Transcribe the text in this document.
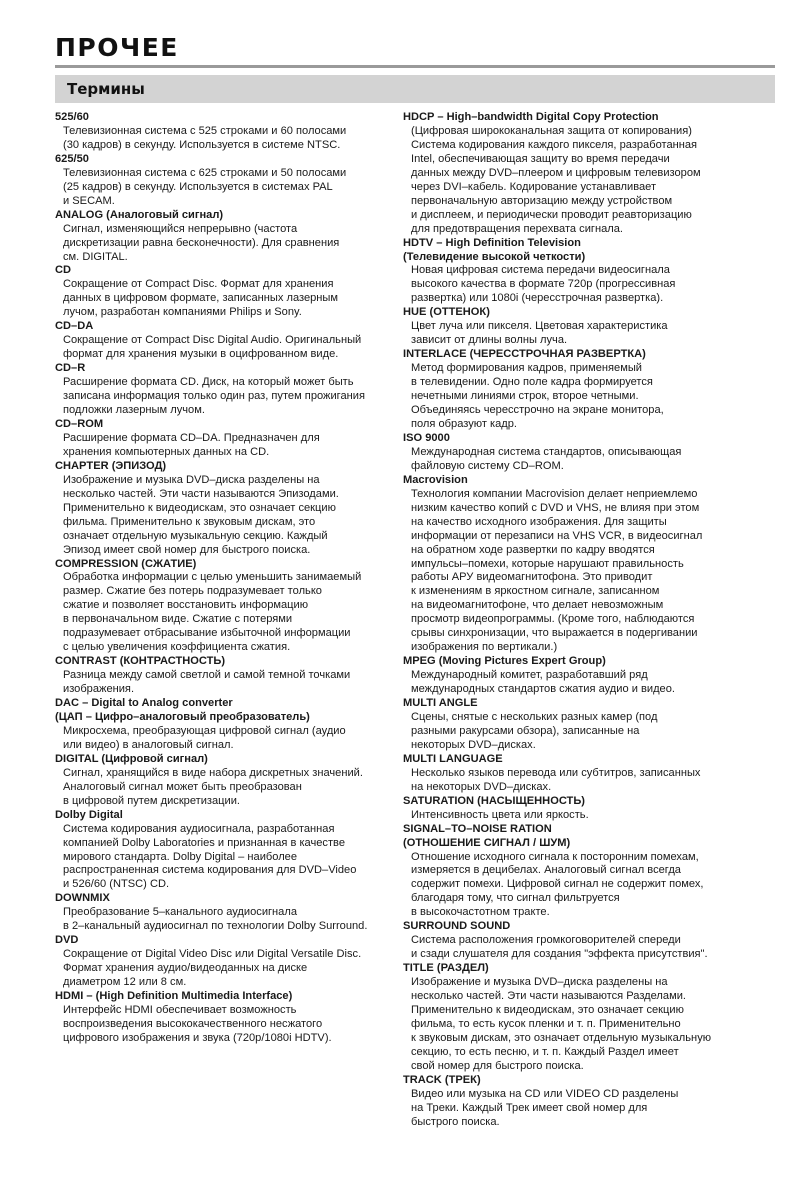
ПРОЧЕЕ
Термины

525/60

Телевизионная система с 525 строками и 60 полосами

(30 кадров) в секунду. Используется в системе NTSC.

625/50

Телевизионная система с 625 строками и 50 полосами

(25 кадров) в секунду. Используется в системах PAL

и SECAM.

ANALOG (Аналоговый сигнал)

Сигнал, изменяющийся непрерывно (частота

дискретизации равна бесконечности). Для сравнения

см. DIGITAL.

CD

Сокращение от Compact Disc. Формат для хранения

данных в цифровом формате, записанных лазерным

лучом, разработан компаниями Philips и Sony.

CD–DA

Сокращение от Compact Disc Digital Audio. Оригинальный

формат для хранения музыки в оцифрованном виде.

CD–R

Расширение формата CD. Диск, на который может быть

записана информация только один раз, путем прожигания

подложки лазерным лучом.

CD–ROM

Расширение формата CD–DA. Предназначен для

хранения компьютерных данных на CD.

CHAPTER (ЭПИЗОД)

Изображение и музыка DVD–диска разделены на

несколько частей. Эти части называются Эпизодами.

Применительно к видеодискам, это означает секцию

фильма. Применительно к звуковым дискам, это

означает отдельную музыкальную секцию. Каждый

Эпизод имеет свой номер для быстрого поиска.

COMPRESSION (СЖАТИЕ)

Обработка информации с целью уменьшить занимаемый

размер. Сжатие без потерь подразумевает только

сжатие и позволяет восстановить информацию

в первоначальном виде. Сжатие с потерями

подразумевает отбрасывание избыточной информации

с целью увеличения коэффициента сжатия.

CONTRAST (КОНТРАСТНОСТЬ)

Разница между самой светлой и самой темной точками

изображения.

DAC – Digital to Analog converter
(ЦАП – Цифро–аналоговый преобразователь)

Микросхема, преобразующая цифровой сигнал (аудио

или видео) в аналоговый сигнал.

DIGITAL (Цифровой сигнал)

Сигнал, хранящийся в виде набора дискретных значений.

Аналоговый сигнал может быть преобразован

в цифровой путем дискретизации.

Dolby Digital

Система кодирования аудиосигнала, разработанная

компанией Dolby Laboratories и признанная в качестве

мирового стандарта. Dolby Digital – наиболее

распространенная система кодирования для DVD–Video

и 526/60 (NTSC) CD.

DOWNMIX

Преобразование 5–канального аудиосигнала

в 2–канальный аудиосигнал по технологии Dolby Surround.

DVD

Сокращение от Digital Video Disc или Digital Versatile Disc.

Формат хранения аудио/видеоданных на диске

диаметром 12 или 8 см.

HDMI – (High Definition Multimedia Interface)

Интерфейс HDMI обеспечивает возможность

воспроизведения высококачественного несжатого

цифрового изображения и звука (720p/1080i HDTV).

HDCP – High–bandwidth Digital Copy Protection

(Цифровая ширококанальная защита от копирования)

Система кодирования каждого пикселя, разработанная

Intel, обеспечивающая защиту во время передачи

данных между DVD–плеером и цифровым телевизором

через DVI–кабель. Кодирование устанавливает

первоначальную авторизацию между устройством

и дисплеем, и периодически проводит реавторизацию

для предотвращения перехвата сигнала.

HDTV – High Definition Television
(Телевидение высокой четкости)

Новая цифровая система передачи видеосигнала

высокого качества в формате 720p (прогрессивная

развертка) или 1080i (чересстрочная развертка).

HUE (ОТТЕНОК)

Цвет луча или пикселя. Цветовая характеристика

зависит от длины волны луча.

INTERLACE (ЧЕРЕССТРОЧНАЯ РАЗВЕРТКА)

Метод формирования кадров, применяемый

в телевидении. Одно поле кадра формируется

нечетными линиями строк, второе четными.

Объединяясь чересстрочно на экране монитора,

поля образуют кадр.

ISO 9000

Международная система стандартов, описывающая

файловую систему CD–ROM.

Macrovision

Технология компании Macrovision делает неприемлемо

низким качество копий с DVD и VHS, не влияя при этом

на качество исходного изображения. Для защиты

информации от перезаписи на VHS VCR, в видеосигнал

на обратном ходе развертки по кадру вводятся

импульсы–помехи, которые нарушают правильность

работы АРУ видеомагнитофона. Это приводит

к изменениям в яркостном сигнале, записанном

на видеомагнитофоне, что делает невозможным

просмотр видеопрограммы. (Кроме того, наблюдаются

срывы синхронизации, что выражается в подергивании

изображения по вертикали.)

MPEG (Moving Pictures Expert Group)

Международный комитет, разработавший ряд

международных стандартов сжатия аудио и видео.

MULTI ANGLE

Сцены, снятые с нескольких разных камер (под

разными ракурсами обзора), записанные на

некоторых DVD–дисках.

MULTI LANGUAGE

Несколько языков перевода или субтитров, записанных

на некоторых DVD–дисках.

SATURATION (НАСЫЩЕННОСТЬ)

Интенсивность цвета или яркость.

SIGNAL–TO–NOISE RATION
(ОТНОШЕНИЕ СИГНАЛ / ШУМ)

Отношение исходного сигнала к посторонним помехам,

измеряется в децибелах. Аналоговый сигнал всегда

содержит помехи. Цифровой сигнал не содержит помех,

благодаря тому, что сигнал фильтруется

в высокочастотном тракте.

SURROUND SOUND

Система расположения громкоговорителей спереди

и сзади слушателя для создания "эффекта присутствия".

TITLE (РАЗДЕЛ)

Изображение и музыка DVD–диска разделены на

несколько частей. Эти части называются Разделами.

Применительно к видеодискам, это означает секцию

фильма, то есть кусок пленки и т. п. Применительно

к звуковым дискам, это означает отдельную музыкальную

секцию, то есть песню, и т. п. Каждый Раздел имеет

свой номер для быстрого поиска.

TRACK (ТРЕК)

Видео или музыка на CD или VIDEO CD разделены

на Треки. Каждый Трек имеет свой номер для

быстрого поиска.
